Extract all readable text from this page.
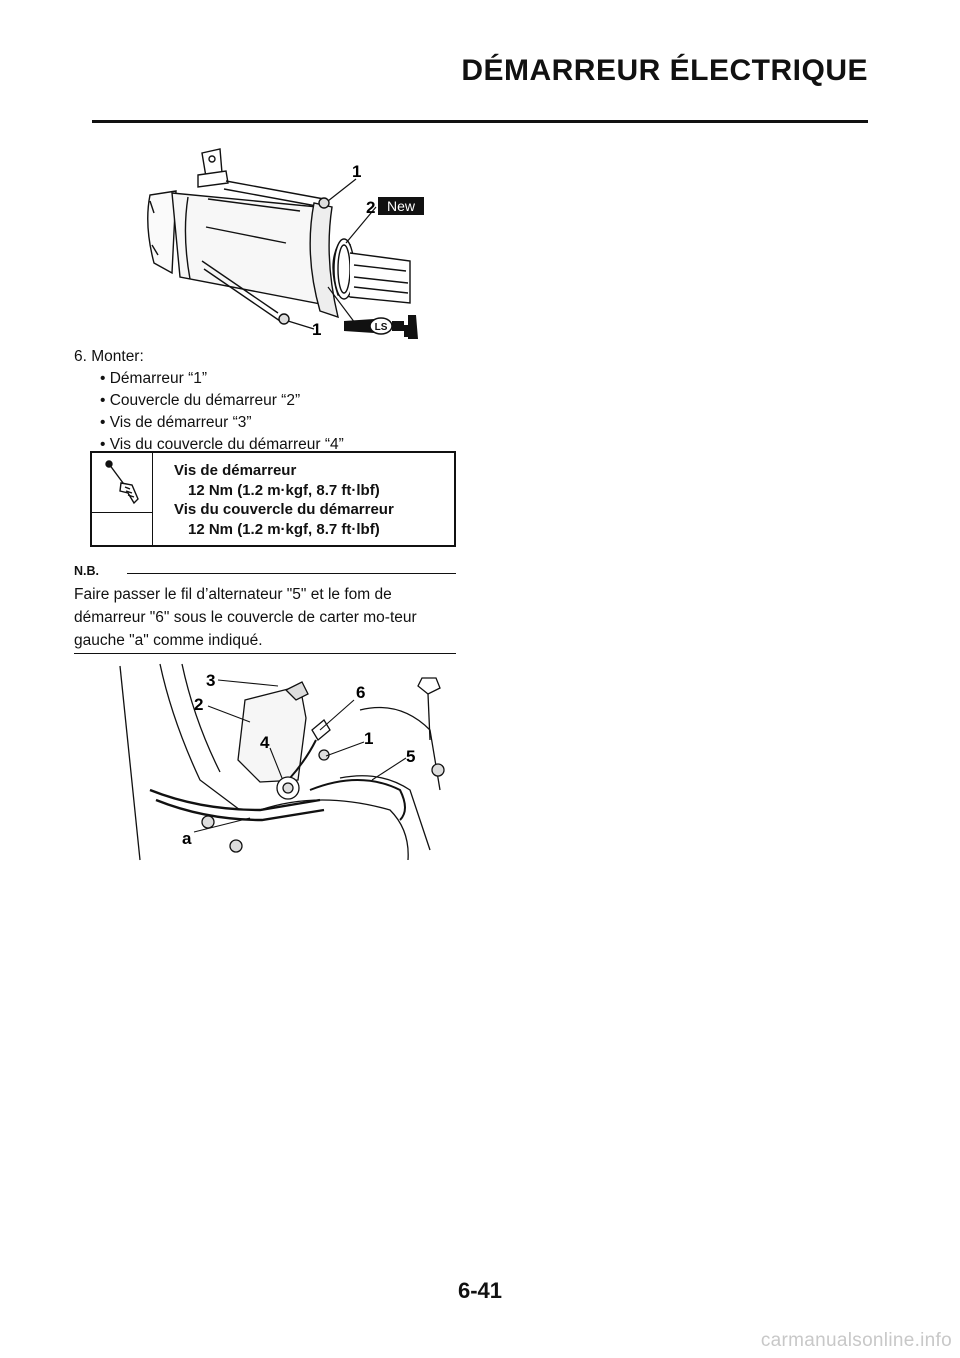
DÉMARREUR ÉLECTRIQUE
LS
New
1
2
1
6. Monter:
• Démarreur “1”
• Couvercle du démarreur “2”
• Vis de démarreur “3”
• Vis du couvercle du démarreur “4”
Vis de démarreur
12 Nm (1.2 m·kgf, 8.7 ft·lbf)
Vis du couvercle du démarreur
12 Nm (1.2 m·kgf, 8.7 ft·lbf)
N.B.
Faire passer le fil d’alternateur "5" et le fom de démarreur "6" sous le couvercle de carter mo-teur gauche "a" comme indiqué.
3
2
4
6
1
5
a
6-41
carmanualsonline.info
